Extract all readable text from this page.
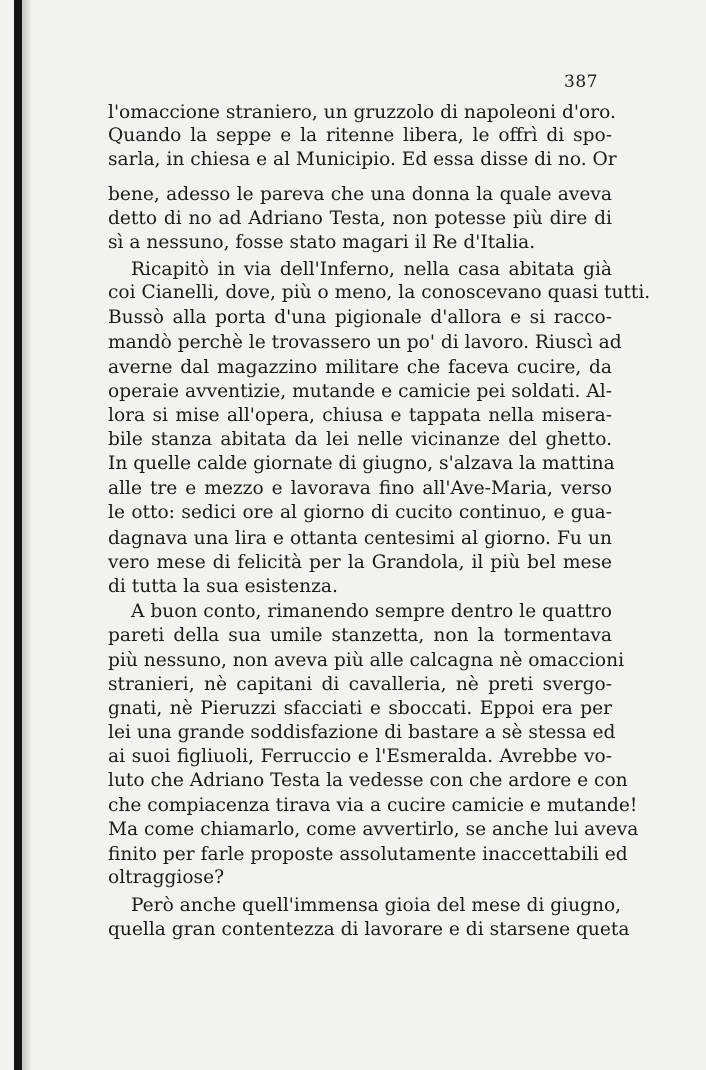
387
l'omaccione straniero, un gruzzolo di napoleoni d'oro.
Quando la seppe e la ritenne libera, le offrì di spo-
sarla, in chiesa e al Municipio. Ed essa disse di no. Or
bene, adesso le pareva che una donna la quale aveva
detto di no ad Adriano Testa, non potesse più dire di
sì a nessuno, fosse stato magari il Re d'Italia.
Ricapitò in via dell'Inferno, nella casa abitata già
coi Cianelli, dove, più o meno, la conoscevano quasi tutti.
Bussò alla porta d'una pigionale d'allora e si racco-
mandò perchè le trovassero un po' di lavoro. Riuscì ad
averne dal magazzino militare che faceva cucire, da
operaie avventizie, mutande e camicie pei soldati. Al-
lora si mise all'opera, chiusa e tappata nella misera-
bile stanza abitata da lei nelle vicinanze del ghetto.
In quelle calde giornate di giugno, s'alzava la mattina
alle tre e mezzo e lavorava fino all'Ave-Maria, verso
le otto: sedici ore al giorno di cucito continuo, e gua-
dagnava una lira e ottanta centesimi al giorno. Fu un
vero mese di felicità per la Grandola, il più bel mese
di tutta la sua esistenza.
A buon conto, rimanendo sempre dentro le quattro
pareti della sua umile stanzetta, non la tormentava
più nessuno, non aveva più alle calcagna nè omaccioni
stranieri, nè capitani di cavalleria, nè preti svergo-
gnati, nè Pieruzzi sfacciati e sboccati. Eppoi era per
lei una grande soddisfazione di bastare a sè stessa ed
ai suoi figliuoli, Ferruccio e l'Esmeralda. Avrebbe vo-
luto che Adriano Testa la vedesse con che ardore e con
che compiacenza tirava via a cucire camicie e mutande!
Ma come chiamarlo, come avvertirlo, se anche lui aveva
finito per farle proposte assolutamente inaccettabili ed
oltraggiose?
Però anche quell'immensa gioia del mese di giugno,
quella gran contentezza di lavorare e di starsene queta
